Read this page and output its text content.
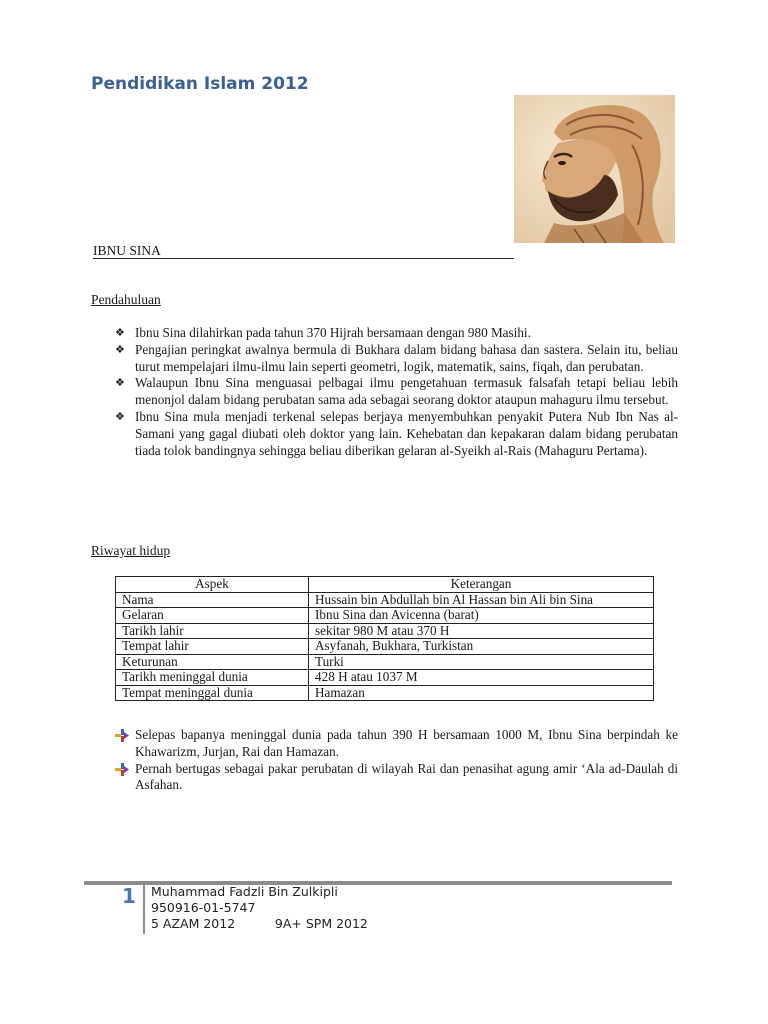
Pendidikan Islam 2012
IBNU SINA
Pendahuluan
❖ Ibnu Sina dilahirkan pada tahun 370 Hijrah bersamaan dengan 980 Masihi.
❖ Pengajian peringkat awalnya bermula di Bukhara dalam bidang bahasa dan sastera. Selain itu, beliau turut mempelajari ilmu-ilmu lain seperti geometri, logik, matematik, sains, fiqah, dan perubatan.
❖ Walaupun Ibnu Sina menguasai pelbagai ilmu pengetahuan termasuk falsafah tetapi beliau lebih menonjol dalam bidang perubatan sama ada sebagai seorang doktor ataupun mahaguru ilmu tersebut.
❖ Ibnu Sina mula menjadi terkenal selepas berjaya menyembuhkan penyakit Putera Nub Ibn Nas al-Samani yang gagal diubati oleh doktor yang lain. Kehebatan dan kepakaran dalam bidang perubatan tiada tolok bandingnya sehingga beliau diberikan gelaran al-Syeikh al-Rais (Mahaguru Pertama).
Riwayat hidup
Aspek	Keterangan
Nama	Hussain bin Abdullah bin Al Hassan bin Ali bin Sina
Gelaran	Ibnu Sina dan Avicenna (barat)
Tarikh lahir	sekitar 980 M atau 370 H
Tempat lahir	Asyfanah, Bukhara, Turkistan
Keturunan	Turki
Tarikh meninggal dunia	428 H atau 1037 M
Tempat meninggal dunia	Hamazan
Selepas bapanya meninggal dunia pada tahun 390 H bersamaan 1000 M, Ibnu Sina berpindah ke Khawarizm, Jurjan, Rai dan Hamazan.
Pernah bertugas sebagai pakar perubatan di wilayah Rai dan penasihat agung amir ‘Ala ad-Daulah di Asfahan.
1 Muhammad Fadzli Bin Zulkipli
950916-01-5747
5 AZAM 2012          9A+ SPM 2012
